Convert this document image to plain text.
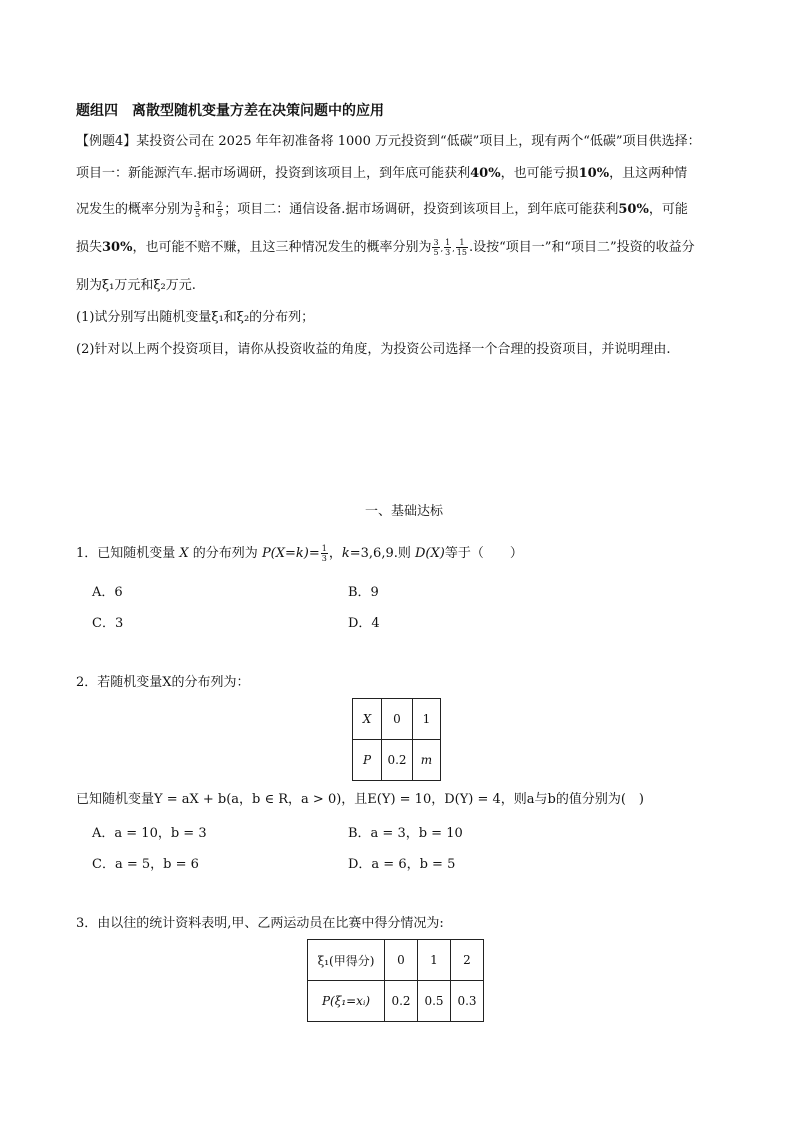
题组四　离散型随机变量方差在决策问题中的应用
【例题4】某投资公司在 2025 年年初准备将 1000 万元投资到“低碳”项目上，现有两个“低碳”项目供选择：
项目一：新能源汽车.据市场调研，投资到该项目上，到年底可能获利40%，也可能亏损10%，且这两种情
况发生的概率分别为 $\frac{3}{5}$ 和 $\frac{2}{5}$ ；项目二：通信设备.据市场调研，投资到该项目上，到年底可能获利50%，可能
损失30%，也可能不赔不赚，且这三种情况发生的概率分别为 $\frac{3}{5}$ , $\frac{1}{3}$ , $\frac{1}{15}$ .设按“项目一”和“项目二”投资的收益分
别为ξ₁万元和ξ₂万元.
(1)试分别写出随机变量ξ₁和ξ₂的分布列；
(2)针对以上两个投资项目，请你从投资收益的角度，为投资公司选择一个合理的投资项目，并说明理由.
一、基础达标
1．已知随机变量 X 的分布列为 $P(X=k)= \frac{1}{3}$ ，k=3,6,9.则 D(X)等于（　　）
A．6	B．9
C．3	D．4
2．若随机变量X的分布列为：
X	0	1
P	0.2	m
已知随机变量Y = aX + b(a，b ∈ R，a > 0)，且E(Y) = 10，D(Y) = 4，则a与b的值分别为(　)
A．a = 10，b = 3	B．a = 3，b = 10
C．a = 5，b = 6	D．a = 6，b = 5
3．由以往的统计资料表明,甲、乙两运动员在比赛中得分情况为:
ξ₁(甲得分)	0	1	2
P(ξ₁=xᵢ)	0.2	0.5	0.3
